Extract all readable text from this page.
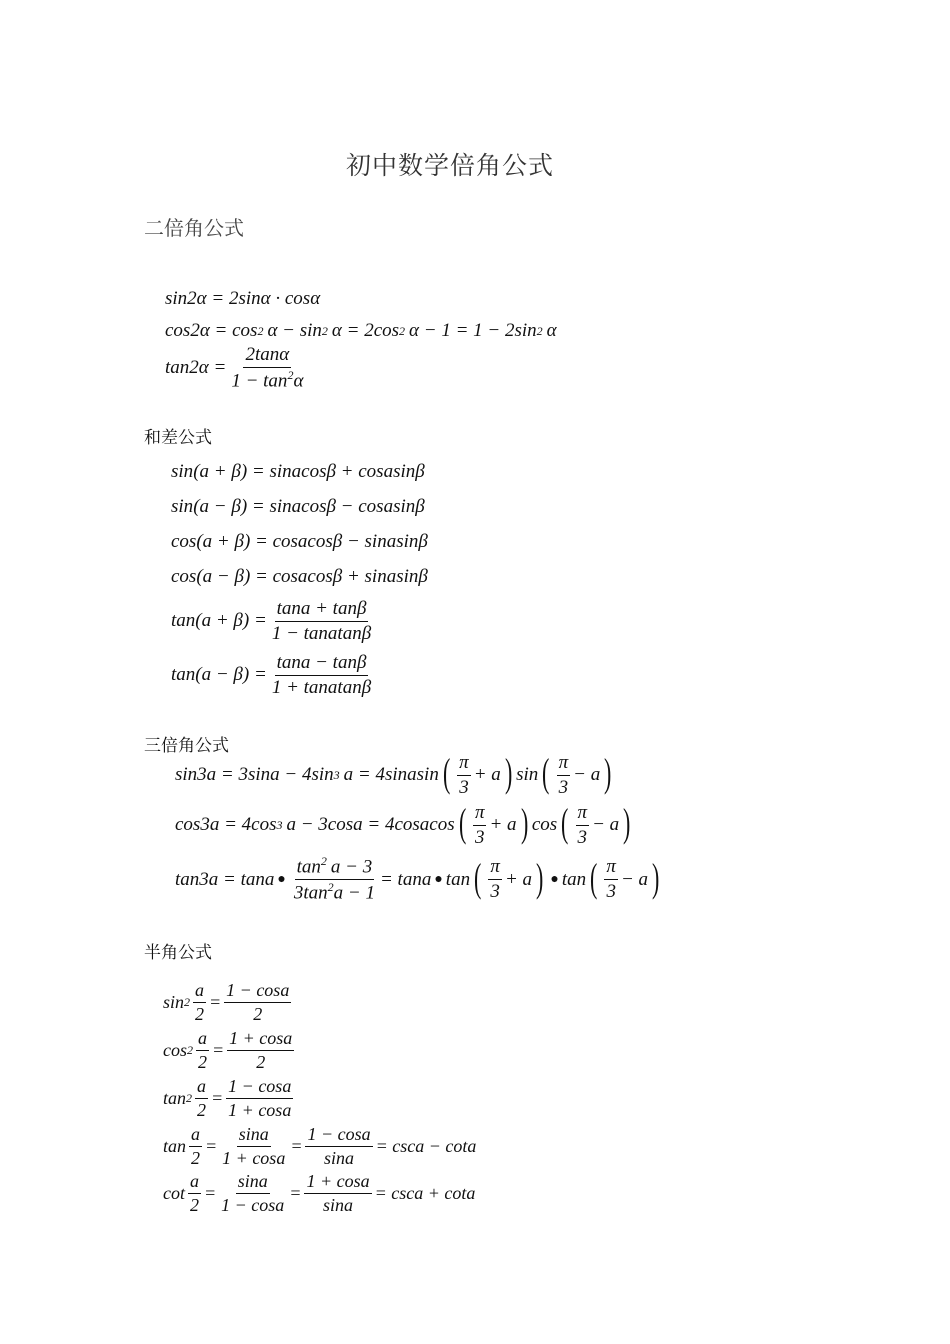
初中数学倍角公式
二倍角公式
sin2α = 2sinα · cosα
cos2α = cos 2 α − sin 2 α = 2cos 2 α − 1 = 1 − 2sin 2 α
$\tan 2\alpha = \frac{2\tan\alpha}{1 - \tan^2\alpha}$
和差公式
sin ( a + β ) = sinacosβ + cosasinβ
sin ( a − β ) = sinacosβ − cosasinβ
cos ( a + β ) = cosacosβ − sinasinβ
cos ( a − β ) = cosacosβ + sinasinβ
tan ( a + β ) = $\frac{\tan a + \tan\beta}{\text{1 − tanatanβ}}$
tan ( a − β ) = $\frac{\tan a - \tan\beta}{\text{1 + tanatanβ}}$
三倍角公式
sin3a = 3sina − 4sin 3 a = 4sinasin ( $\frac{\pi}{3} + a$ ) sin ( $\frac{\pi}{3} - a$ )
cos3a = 4cos 3 a − 3cosa = 4cosacos ( $\frac{\pi}{3} + a$ ) cos ( $\frac{\pi}{3} - a$ )
tan3a = tana ● $\frac{\tan^2 a - 3}{3\tan^2a - 1} = \tan a$ ● tan ( $\frac{\pi}{3} + a$ ) ● tan ( $\frac{\pi}{3} - a$ )
半角公式
$\sin 2 \frac{a}{2} = \frac{1 - \cos a}{2}$
$\cos 2 \frac{a}{2} = \frac{1 + \cos a}{2}$
$\tan 2 \frac{a}{2} = \frac{1 - \cos a}{1 + \cos a}$
$\tan \frac{a}{2} = \frac{\sin a}{1 + \cos a} = \frac{1 - \cos a}{\sin a} = \csc a - \cot a$
$\cot \frac{a}{2} = \frac{\sin a}{1 - \cos a} = \frac{1 + \cos a}{\sin a} = \csc a + \cot a$
